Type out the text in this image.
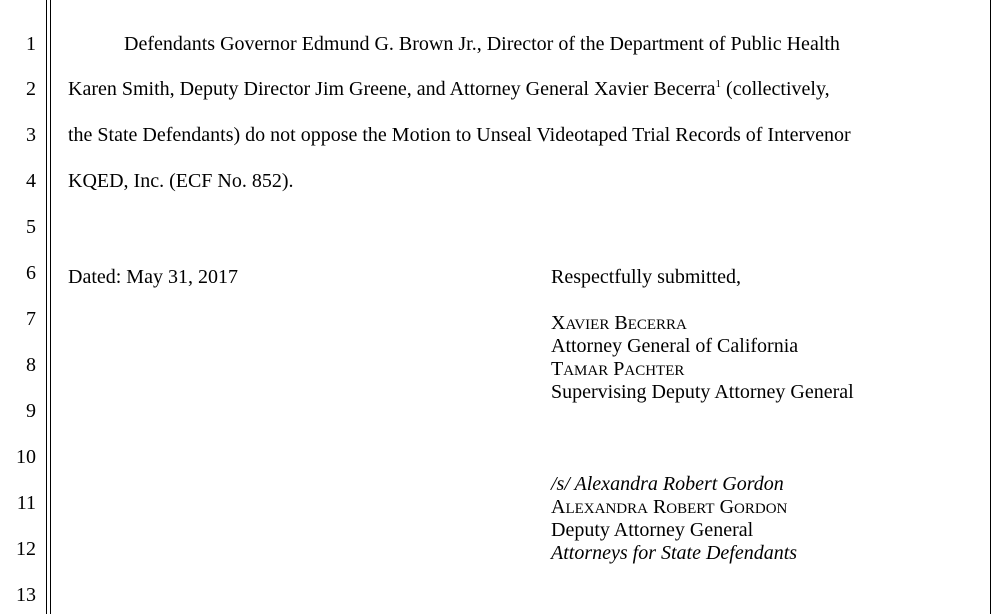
1
2
3
4
5
6
7
8
9
10
11
12
13
Defendants Governor Edmund G. Brown Jr., Director of the Department of Public Health
Karen Smith, Deputy Director Jim Greene, and Attorney General Xavier Becerra$^1$ (collectively,
the State Defendants) do not oppose the Motion to Unseal Videotaped Trial Records of Intervenor
KQED, Inc. (ECF No. 852).
Dated: May 31, 2017	Respectfully submitted,
XAVIER BECERRA
Attorney General of California
TAMAR PACHTER
Supervising Deputy Attorney General
/s/ Alexandra Robert Gordon
ALEXANDRA ROBERT GORDON
Deputy Attorney General
Attorneys for State Defendants
